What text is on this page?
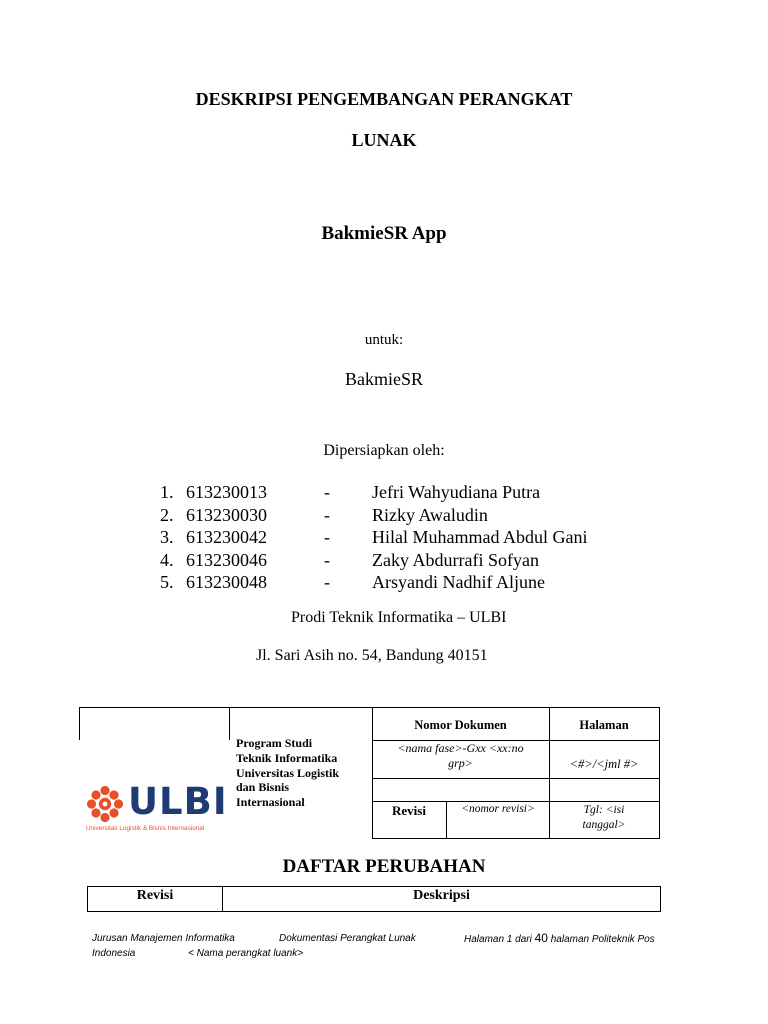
DESKRIPSI PENGEMBANGAN PERANGKAT
LUNAK
BakmieSR App
untuk:
BakmieSR
Dipersiapkan oleh:
1. 613230013	-	Jefri Wahyudiana Putra
2. 613230030	-	Rizky Awaludin
3. 613230042	-	Hilal Muhammad Abdul Gani
4. 613230046	-	Zaky Abdurrafi Sofyan
5. 613230048	-	Arsyandi Nadhif Aljune
Prodi Teknik Informatika – ULBI
Jl. Sari Asih no. 54, Bandung 40151
Nomor Dokumen	Halaman
<nama fase>-Gxx <xx:no
grp>	<#>/<jml #>
Revisi	<nomor revisi>	Tgl: <isi
tanggal>
Program Studi
Teknik Informatika
Universitas Logistik
dan Bisnis
Internasional
ULBI
Universitas Logistik & Bisnis Internasional
DAFTAR PERUBAHAN
Revisi	Deskripsi
Jurusan Manajemen Informatika	Dokumentasi Perangkat Lunak	Halaman 1 dari 40 halaman Politeknik Pos
Indonesia	< Nama perangkat luank>
